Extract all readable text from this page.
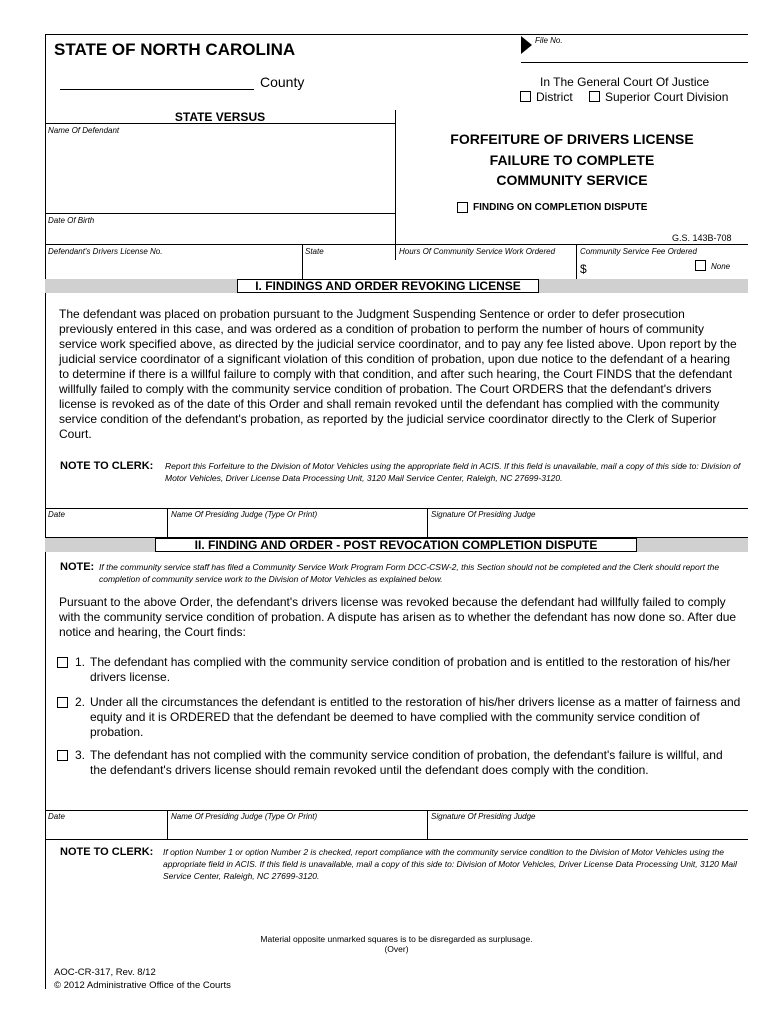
STATE OF NORTH CAROLINA
County
File No.
In The General Court Of Justice
District	Superior Court Division
STATE VERSUS
Name Of Defendant
Date Of Birth
FORFEITURE OF DRIVERS LICENSE
FAILURE TO COMPLETE
COMMUNITY SERVICE
FINDING ON COMPLETION DISPUTE
G.S. 143B-708
Defendant's Drivers License No.	State	Hours Of Community Service Work Ordered	Community Service Fee Ordered
$	None
I. FINDINGS AND ORDER REVOKING LICENSE
The defendant was placed on probation pursuant to the Judgment Suspending Sentence or order to defer prosecution previously entered in this case, and was ordered as a condition of probation to perform the number of hours of community service work specified above, as directed by the judicial service coordinator, and to pay any fee listed above. Upon report by the judicial service coordinator of a significant violation of this condition of probation, upon due notice to the defendant of a hearing to determine if there is a willful failure to comply with that condition, and after such hearing, the Court FINDS that the defendant willfully failed to comply with the community service condition of probation. The Court ORDERS that the defendant's drivers license is revoked as of the date of this Order and shall remain revoked until the defendant has complied with the community service condition of the defendant's probation, as reported by the judicial service coordinator directly to the Clerk of Superior Court.
NOTE TO CLERK: Report this Forfeiture to the Division of Motor Vehicles using the appropriate field in ACIS. If this field is unavailable, mail a copy of this side to: Division of Motor Vehicles, Driver License Data Processing Unit, 3120 Mail Service Center, Raleigh, NC 27699-3120.
Date	Name Of Presiding Judge (Type Or Print)	Signature Of Presiding Judge
II. FINDING AND ORDER - POST REVOCATION COMPLETION DISPUTE
NOTE: If the community service staff has filed a Community Service Work Program Form DCC-CSW-2, this Section should not be completed and the Clerk should report the completion of community service work to the Division of Motor Vehicles as explained below.
Pursuant to the above Order, the defendant's drivers license was revoked because the defendant had willfully failed to comply with the community service condition of probation. A dispute has arisen as to whether the defendant has now done so. After due notice and hearing, the Court finds:
1. The defendant has complied with the community service condition of probation and is entitled to the restoration of his/her drivers license.
2. Under all the circumstances the defendant is entitled to the restoration of his/her drivers license as a matter of fairness and equity and it is ORDERED that the defendant be deemed to have complied with the community service condition of probation.
3. The defendant has not complied with the community service condition of probation, the defendant's failure is willful, and the defendant's drivers license should remain revoked until the defendant does comply with the condition.
Date	Name Of Presiding Judge (Type Or Print)	Signature Of Presiding Judge
NOTE TO CLERK: If option Number 1 or option Number 2 is checked, report compliance with the community service condition to the Division of Motor Vehicles using the appropriate field in ACIS. If this field is unavailable, mail a copy of this side to: Division of Motor Vehicles, Driver License Data Processing Unit, 3120 Mail Service Center, Raleigh, NC 27699-3120.
Material opposite unmarked squares is to be disregarded as surplusage.
(Over)
AOC-CR-317, Rev. 8/12
© 2012 Administrative Office of the Courts
